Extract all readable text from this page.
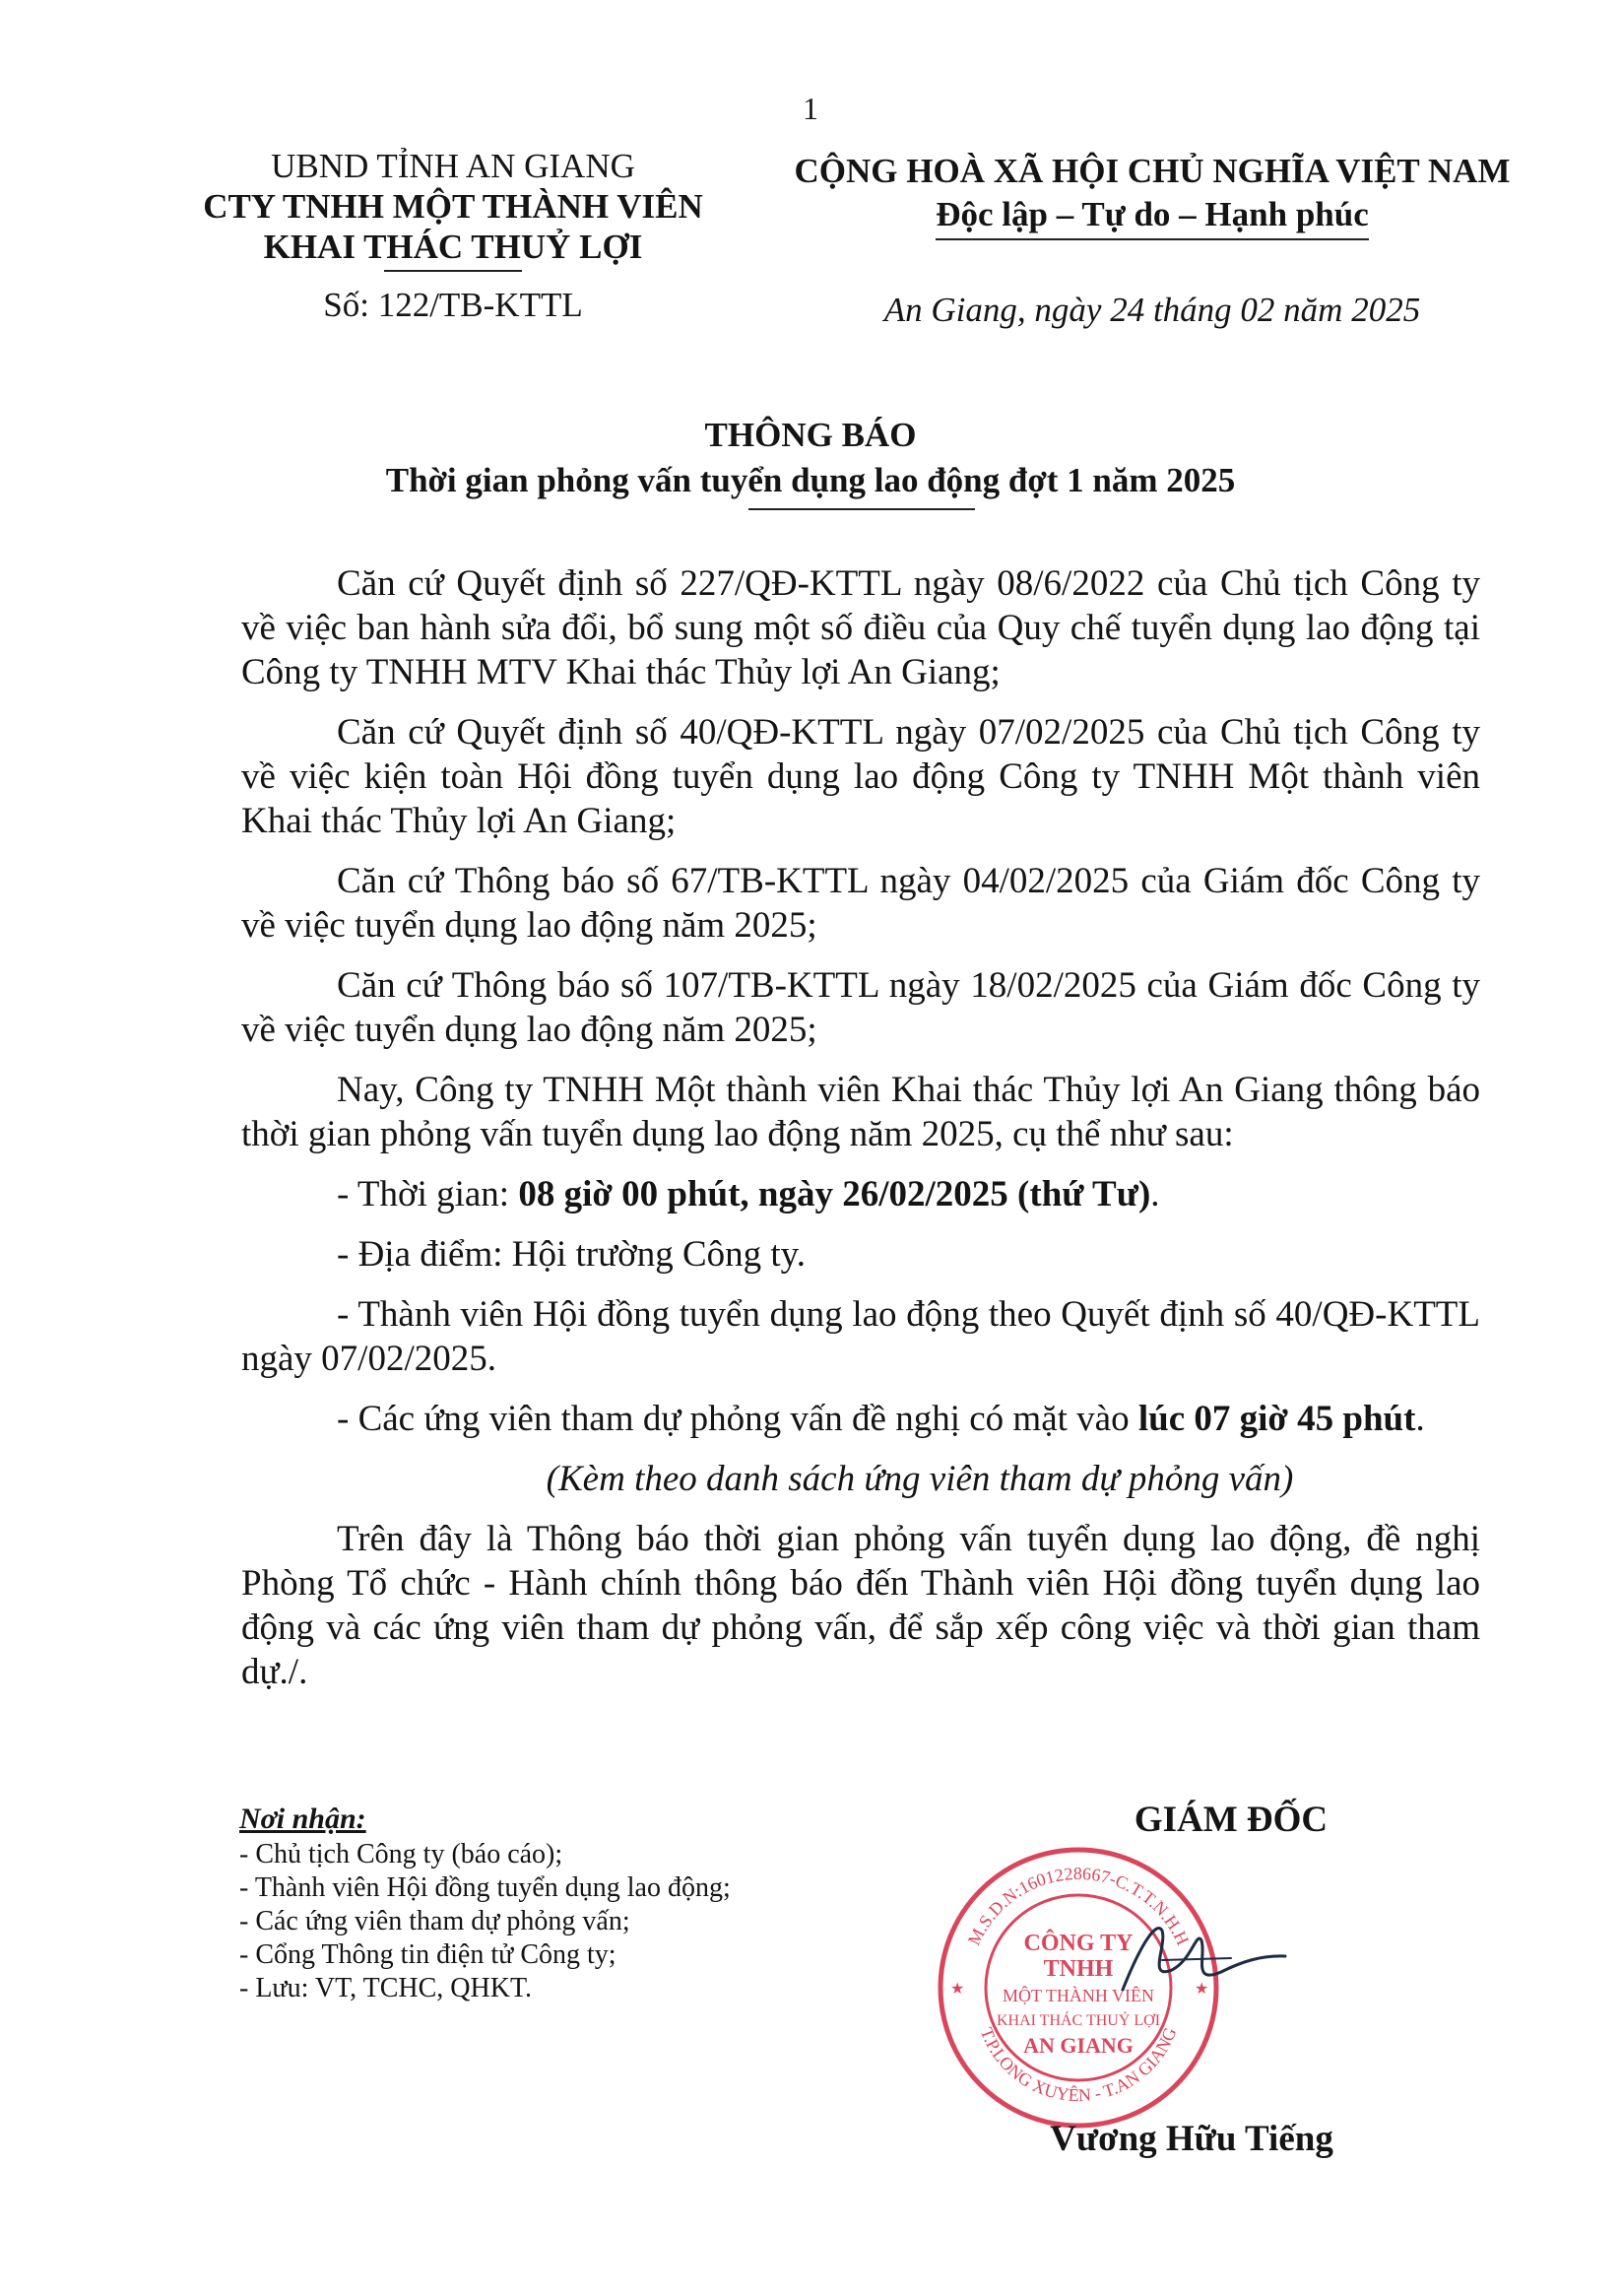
1
UBND TỈNH AN GIANG
CTY TNHH MỘT THÀNH VIÊN
KHAI THÁC THUỶ LỢI
Số: 122/TB-KTTL
CỘNG HOÀ XÃ HỘI CHỦ NGHĨA VIỆT NAM
Độc lập – Tự do – Hạnh phúc
An Giang, ngày 24 tháng 02 năm 2025
THÔNG BÁO
Thời gian phỏng vấn tuyển dụng lao động đợt 1 năm 2025

Căn cứ Quyết định số 227/QĐ-KTTL ngày 08/6/2022 của Chủ tịch Công ty về việc ban hành sửa đổi, bổ sung một số điều của Quy chế tuyển dụng lao động tại Công ty TNHH MTV Khai thác Thủy lợi An Giang;

Căn cứ Quyết định số 40/QĐ-KTTL ngày 07/02/2025 của Chủ tịch Công ty về việc kiện toàn Hội đồng tuyển dụng lao động Công ty TNHH Một thành viên Khai thác Thủy lợi An Giang;

Căn cứ Thông báo số 67/TB-KTTL ngày 04/02/2025 của Giám đốc Công ty về việc tuyển dụng lao động năm 2025;

Căn cứ Thông báo số 107/TB-KTTL ngày 18/02/2025 của Giám đốc Công ty về việc tuyển dụng lao động năm 2025;

Nay, Công ty TNHH Một thành viên Khai thác Thủy lợi An Giang thông báo thời gian phỏng vấn tuyển dụng lao động năm 2025, cụ thể như sau:

- Thời gian: 08 giờ 00 phút, ngày 26/02/2025 (thứ Tư).

- Địa điểm: Hội trường Công ty.

- Thành viên Hội đồng tuyển dụng lao động theo Quyết định số 40/QĐ-KTTL ngày 07/02/2025.

- Các ứng viên tham dự phỏng vấn đề nghị có mặt vào lúc 07 giờ 45 phút.

(Kèm theo danh sách ứng viên tham dự phỏng vấn)

Trên đây là Thông báo thời gian phỏng vấn tuyển dụng lao động, đề nghị Phòng Tổ chức - Hành chính thông báo đến Thành viên Hội đồng tuyển dụng lao động và các ứng viên tham dự phỏng vấn, để sắp xếp công việc và thời gian tham dự./.

Nơi nhận:
- Chủ tịch Công ty (báo cáo);
- Thành viên Hội đồng tuyển dụng lao động;
- Các ứng viên tham dự phỏng vấn;
- Cổng Thông tin điện tử Công ty;
- Lưu: VT, TCHC, QHKT.
GIÁM ĐỐC
M.S.D.N:1601228667-C.T.T.N.H.H
T.P.LONG XUYÊN - T.AN GIANG
CÔNG TY
TNHH
MỘT THÀNH VIÊN
KHAI THÁC THUỶ LỢI
AN GIANG
★	★
Vương Hữu Tiếng
